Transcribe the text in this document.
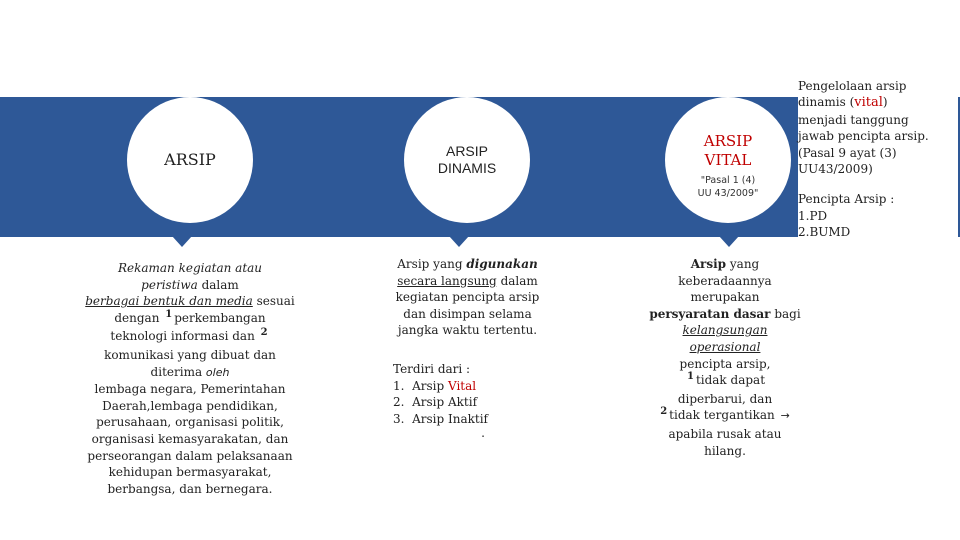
ARSIP	ARSIP
DINAMIS
ARSIP
VITAL
"Pasal 1 (4)
UU 43/2009"
Rekaman kegiatan atau
peristiwa dalam
berbagai bentuk dan media sesuai
dengan $^1$ perkembangan
teknologi informasi dan $^2$
komunikasi yang dibuat dan
diterima oleh
lembaga negara, Pemerintahan
Daerah,lembaga pendidikan,
perusahaan, organisasi politik,
organisasi kemasyarakatan, dan
perseorangan dalam pelaksanaan
kehidupan bermasyarakat,
berbangsa, dan bernegara.
Arsip yang digunakan
secara langsung dalam
kegiatan pencipta arsip
dan disimpan selama
jangka waktu tertentu.
Terdiri dari :
1. Arsip Vital
2. Arsip Aktif
3. Arsip Inaktif
.
Arsip yang
keberadaannya
merupakan
persyaratan dasar bagi
kelangsungan
operasional
pencipta arsip,
$^1$ tidak dapat
diperbarui, dan
$^2$ tidak tergantikan →
apabila rusak atau
hilang.
Pengelolaan arsip
dinamis (vital)
menjadi tanggung
jawab pencipta arsip.
(Pasal 9 ayat (3)
UU43/2009)
Pencipta Arsip :
1.PD
2.BUMD
